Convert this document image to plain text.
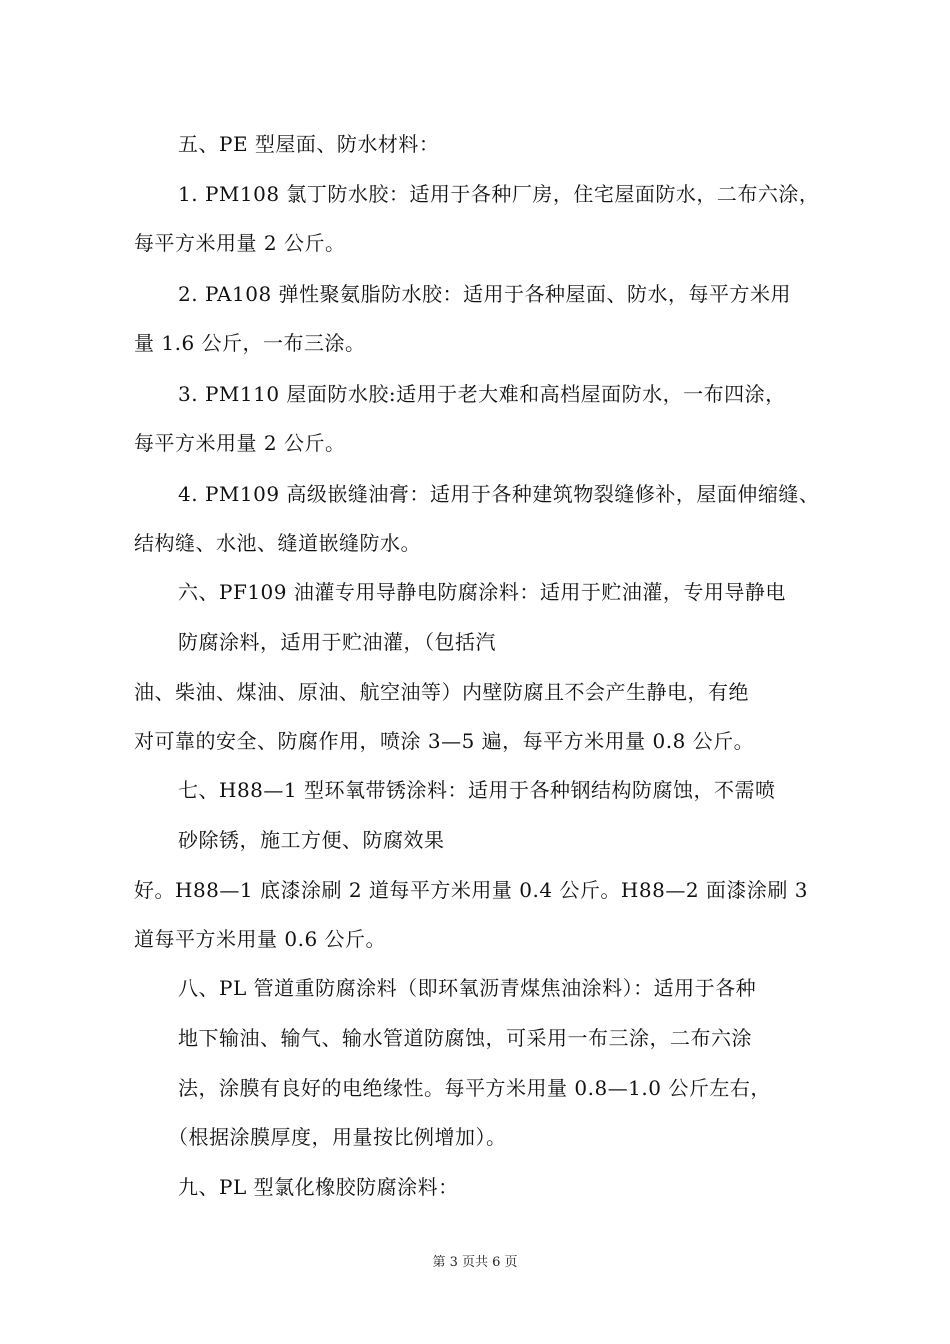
五、PE 型屋面、防水材料：
1. PM108 氯丁防水胶：适用于各种厂房，住宅屋面防水，二布六涂，
每平方米用量 2 公斤。
2. PA108 弹性聚氨脂防水胶：适用于各种屋面、防水，每平方米用
量 1.6 公斤，一布三涂。
3. PM110 屋面防水胶:适用于老大难和高档屋面防水，一布四涂，
每平方米用量 2 公斤。
4. PM109 高级嵌缝油膏：适用于各种建筑物裂缝修补，屋面伸缩缝、
结构缝、水池、缝道嵌缝防水。
六、PF109 油灌专用导静电防腐涂料：适用于贮油灌，专用导静电
防腐涂料，适用于贮油灌，（包括汽
油、柴油、煤油、原油、航空油等）内壁防腐且不会产生静电，有绝
对可靠的安全、防腐作用，喷涂 3—5 遍，每平方米用量 0.8 公斤。
七、H88—1 型环氧带锈涂料：适用于各种钢结构防腐蚀，不需喷
砂除锈，施工方便、防腐效果
好。H88—1 底漆涂刷 2 道每平方米用量 0.4 公斤。H88—2 面漆涂刷 3
道每平方米用量 0.6 公斤。
八、PL 管道重防腐涂料（即环氧沥青煤焦油涂料）：适用于各种
地下输油、输气、输水管道防腐蚀，可采用一布三涂，二布六涂
法，涂膜有良好的电绝缘性。每平方米用量 0.8—1.0 公斤左右，
（根据涂膜厚度，用量按比例增加）。
九、PL 型氯化橡胶防腐涂料：
第 3 页共 6 页
